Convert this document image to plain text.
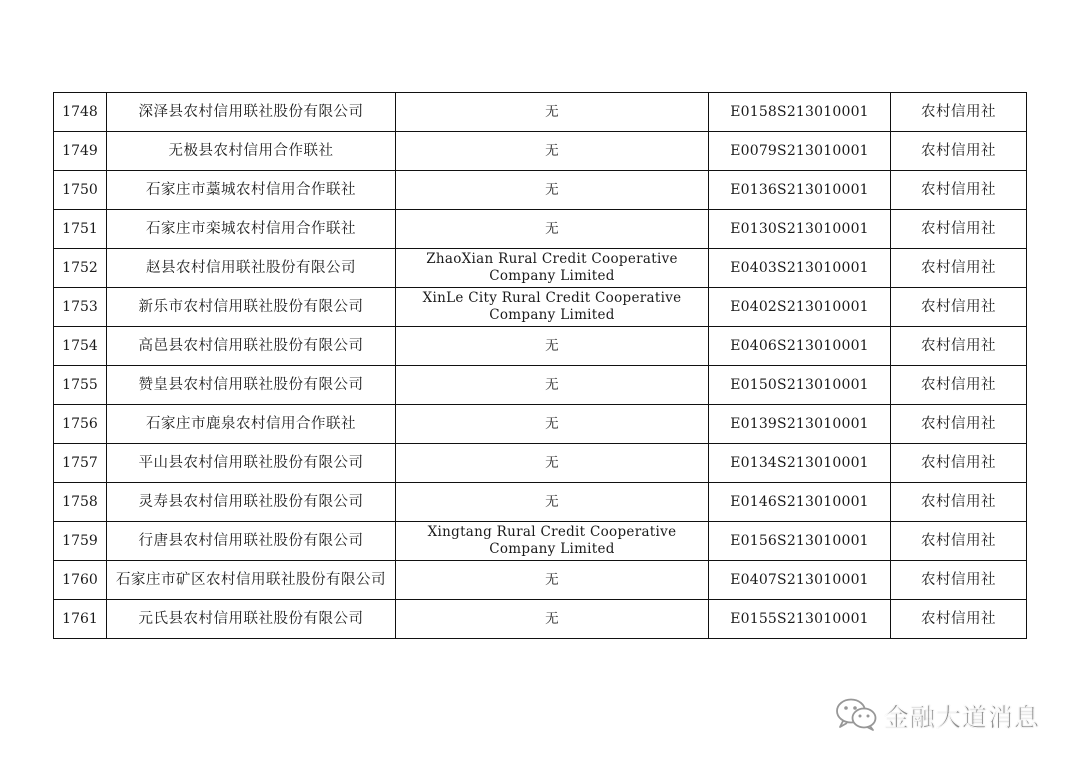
1748	深泽县农村信用联社股份有限公司	无	E0158S213010001	农村信用社
1749	无极县农村信用合作联社	无	E0079S213010001	农村信用社
1750	石家庄市藁城农村信用合作联社	无	E0136S213010001	农村信用社
1751	石家庄市栾城农村信用合作联社	无	E0130S213010001	农村信用社
1752	赵县农村信用联社股份有限公司	ZhaoXian Rural Credit Cooperative Company Limited	E0403S213010001	农村信用社
1753	新乐市农村信用联社股份有限公司	XinLe City Rural Credit Cooperative Company Limited	E0402S213010001	农村信用社
1754	高邑县农村信用联社股份有限公司	无	E0406S213010001	农村信用社
1755	赞皇县农村信用联社股份有限公司	无	E0150S213010001	农村信用社
1756	石家庄市鹿泉农村信用合作联社	无	E0139S213010001	农村信用社
1757	平山县农村信用联社股份有限公司	无	E0134S213010001	农村信用社
1758	灵寿县农村信用联社股份有限公司	无	E0146S213010001	农村信用社
1759	行唐县农村信用联社股份有限公司	Xingtang Rural Credit Cooperative Company Limited	E0156S213010001	农村信用社
1760	石家庄市矿区农村信用联社股份有限公司	无	E0407S213010001	农村信用社
1761	元氏县农村信用联社股份有限公司	无	E0155S213010001	农村信用社
金融大道消息
